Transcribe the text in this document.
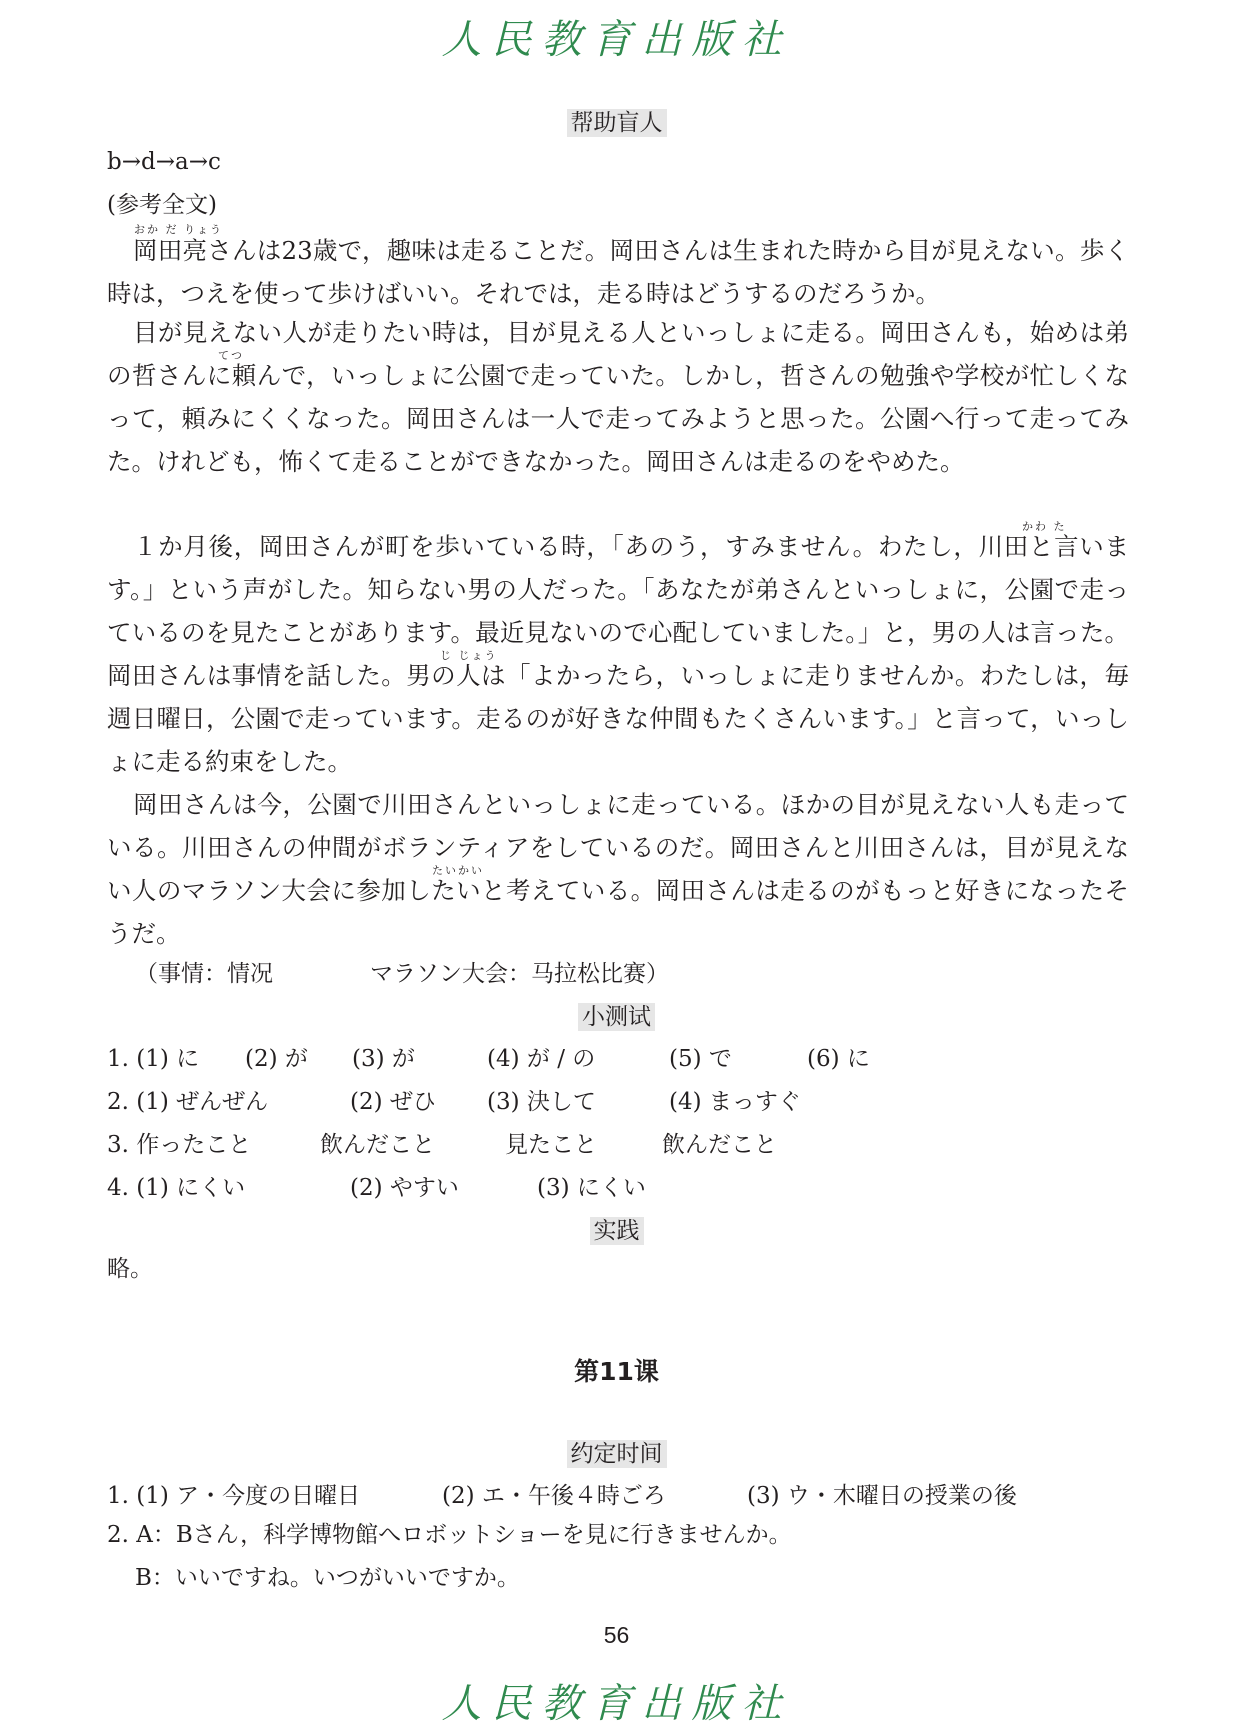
人民教育出版社
帮助盲人
b→d→a→c
(参考全文)
おか だ りょう
岡田亮さんは23歳で，趣味は走ることだ。岡田さんは生まれた時から目が見えない。歩く時は，つえを使って歩けばいい。それでは，走る時はどうするのだろうか。
てつ
目が見えない人が走りたい時は，目が見える人といっしょに走る。岡田さんも，始めは弟の哲さんに頼んで，いっしょに公園で走っていた。しかし，哲さんの勉強や学校が忙しくなって，頼みにくくなった。岡田さんは一人で走ってみようと思った。公園へ行って走ってみた。けれども，怖くて走ることができなかった。岡田さんは走るのをやめた。
かわ た
じ じょう
１か月後，岡田さんが町を歩いている時，「あのう，すみません。わたし，川田と言います。」という声がした。知らない男の人だった。「あなたが弟さんといっしょに，公園で走っているのを見たことがあります。最近見ないので心配していました。」と，男の人は言った。岡田さんは事情を話した。男の人は「よかったら，いっしょに走りませんか。わたしは，毎週日曜日，公園で走っています。走るのが好きな仲間もたくさんいます。」と言って，いっしょに走る約束をした。
たいかい
岡田さんは今，公園で川田さんといっしょに走っている。ほかの目が見えない人も走っている。川田さんの仲間がボランティアをしているのだ。岡田さんと川田さんは，目が見えない人のマラソン大会に参加したいと考えている。岡田さんは走るのがもっと好きになったそうだ。
（事情：情况	マラソン大会：马拉松比赛）
小测试
1. (1) に (2) が (3) が	(4) が / の	(5) で	(6) に
2. (1) ぜんぜん	(2) ぜひ (3) 決して	(4) まっすぐ
3. 作ったこと	飲んだこと	見たこと	飲んだこと
4. (1) にくい	(2) やすい	(3) にくい
实践
略。
第11课
约定时间
1. (1) ア・今度の日曜日	(2) エ・午後４時ごろ	(3) ウ・木曜日の授業の後
2. A：Bさん，科学博物館へロボットショーを見に行きませんか。
B：いいですね。いつがいいですか。
56
人民教育出版社
